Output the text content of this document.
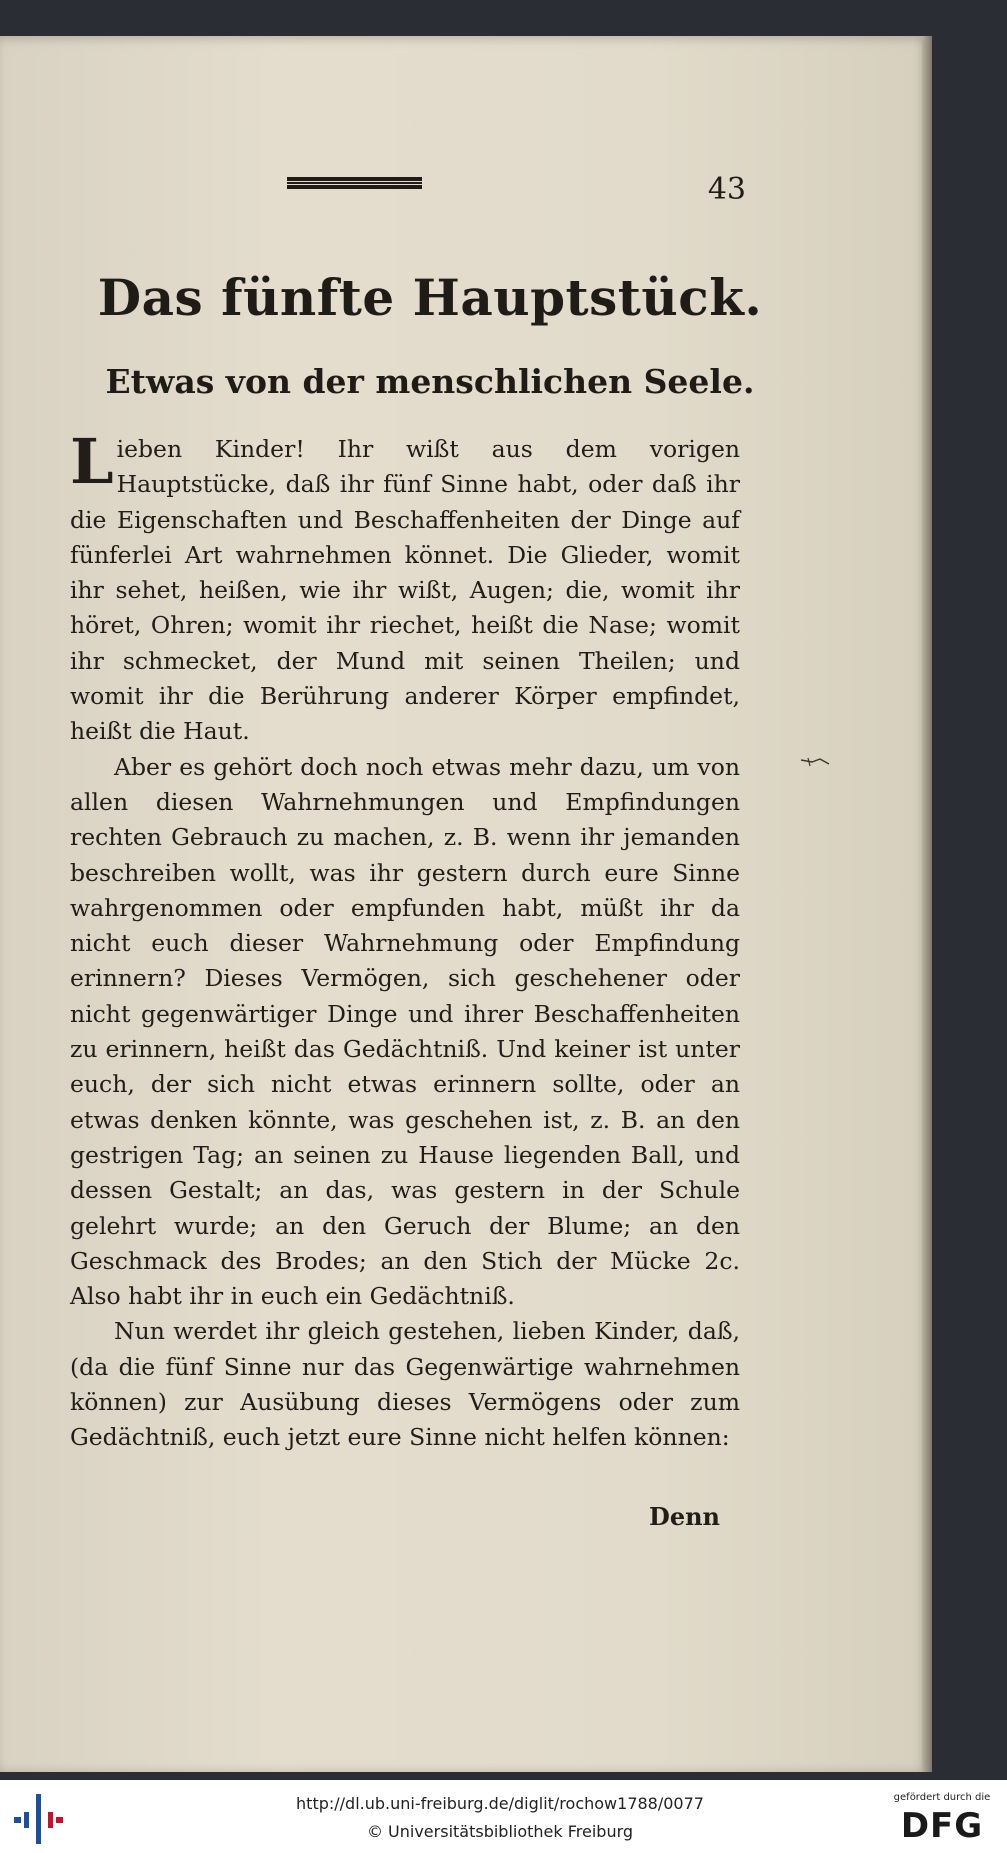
43
Das fünfte Hauptstück.
Etwas von der menschlichen Seele.

Lieben Kinder! Ihr wißt aus dem vorigen Hauptstücke, daß ihr fünf Sinne habt, oder daß ihr die Eigenschaften und Beschaffenheiten der Dinge auf fünferlei Art wahrnehmen könnet. Die Glieder, womit ihr sehet, heißen, wie ihr wißt, Augen; die, womit ihr höret, Ohren; womit ihr riechet, heißt die Nase; womit ihr schmecket, der Mund mit seinen Theilen; und womit ihr die Berührung anderer Körper empfindet, heißt die Haut.

Aber es gehört doch noch etwas mehr dazu, um von allen diesen Wahrnehmungen und Empfindungen rechten Gebrauch zu machen, z. B. wenn ihr jemanden beschreiben wollt, was ihr gestern durch eure Sinne wahrgenommen oder empfunden habt, müßt ihr da nicht euch dieser Wahrnehmung oder Empfindung erinnern? Dieses Vermögen, sich geschehener oder nicht gegenwärtiger Dinge und ihrer Beschaffenheiten zu erinnern, heißt das Gedächtniß. Und keiner ist unter euch, der sich nicht etwas erinnern sollte, oder an etwas denken könnte, was geschehen ist, z. B. an den gestrigen Tag; an seinen zu Hause liegenden Ball, und dessen Gestalt; an das, was gestern in der Schule gelehrt wurde; an den Geruch der Blume; an den Geschmack des Brodes; an den Stich der Mücke 2c. Also habt ihr in euch ein Gedächtniß.

Nun werdet ihr gleich gestehen, lieben Kinder, daß, (da die fünf Sinne nur das Gegenwärtige wahrnehmen können) zur Ausübung dieses Vermögens oder zum Gedächtniß, euch jetzt eure Sinne nicht helfen können:

Denn
http://dl.ub.uni-freiburg.de/diglit/rochow1788/0077
© Universitätsbibliothek Freiburg
gefördert durch die
DFG
